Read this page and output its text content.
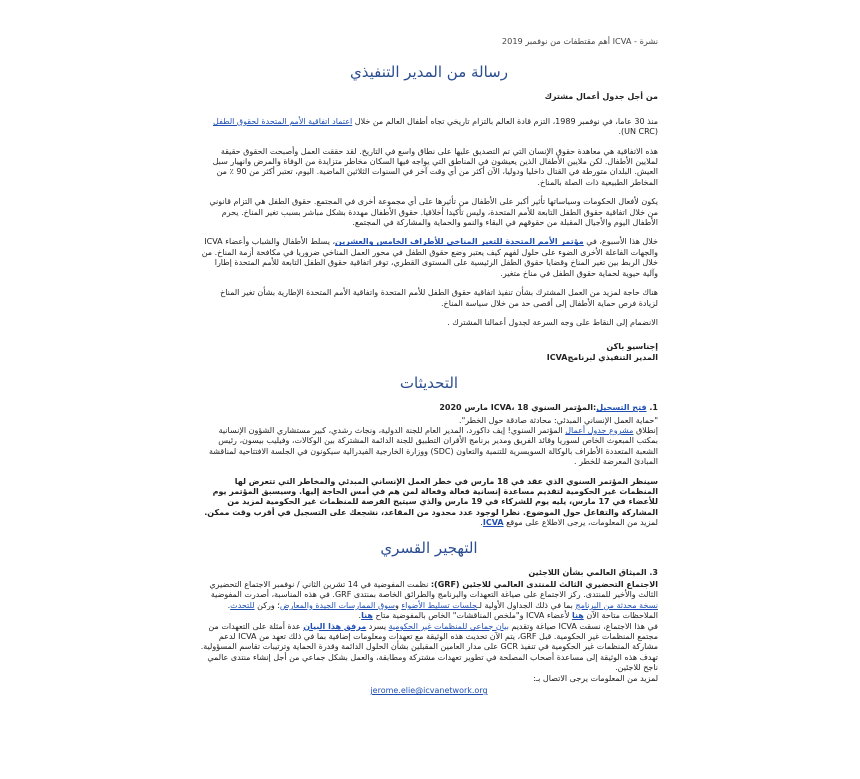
نشرة - ICVA أهم مقتطفات من نوفمبر 2019
رسالة من المدير التنفيذي

من أجل جدول أعمال مشترك

منذ 30 عاما، في نوفمبر 1989، التزم قادة العالم بالتزام تاريخي تجاه أطفال العالم من خلال اعتماد اتفاقية الأمم المتحدة لحقوق الطفل (UN CRC).

هذه الاتفاقية هي معاهدة حقوق الإنسان التي تم التصديق عليها على نطاق واسع في التاريخ. لقد حققت العمل وأصبحت الحقوق حقيقة لملايين الأطفال. لكن ملايين الأطفال الذين يعيشون في المناطق التي يواجه فيها السكان مخاطر متزايدة من الوفاة والمرض وانهيار سبل العيش. البلدان متورطة في القتال داخليا ودوليا، الآن أكثر من أي وقت آخر في السنوات الثلاثين الماضية. اليوم، تعتبر أكثر من 90 ٪ من المخاطر الطبيعية ذات الصلة بالمناخ.

يكون لأفعال الحكومات وسياساتها تأثير أكبر على الأطفال من تأثيرها على أي مجموعة أخرى في المجتمع. حقوق الطفل هي التزام قانوني من خلال اتفاقية حقوق الطفل التابعة للأمم المتحدة، وليس تأكيدا أخلاقيا. حقوق الأطفال مهددة بشكل مباشر بسبب تغير المناخ. يحرم الأطفال اليوم والأجيال المقبلة من حقوقهم في البقاء والنمو والحماية والمشاركة في المجتمع.

خلال هذا الأسبوع، في مؤتمر الأمم المتحدة للتغير المناخي للأطراف الخامس والعشرين، يسلط الأطفال والشباب وأعضاء ICVA والجهات الفاعلة الأخرى الضوء على حلول لفهم كيف يعتبر وضع حقوق الطفل في محور العمل المناخي ضروريا في مكافحة أزمة المناخ. من خلال الربط بين تغير المناخ وقضايا حقوق الطفل الرئيسية على المستوى القطري، توفر اتفاقية حقوق الطفل التابعة للأمم المتحدة إطارا وآلية حيوية لحماية حقوق الطفل في مناخ متغير.

هناك حاجة لمزيد من العمل المشترك بشأن تنفيذ اتفاقية حقوق الطفل للأمم المتحدة واتفاقية الأمم المتحدة الإطارية بشأن تغير المناخ لزيادة فرص حماية الأطفال إلى أقصى حد من خلال سياسة المناخ.

الانضمام إلى النقاط على وجه السرعة لجدول أعمالنا المشترك .

إجناسيو باكن

المدير التنفيذي لبرنامجICVA

التحديثات

1. فتح التسجيل:المؤتمر السنوي ICVA، 18 مارس 2020

"حماية العمل الإنساني المبدئي: محادثة صادقة حول الخطر".

إنطلاق مشروع جدول أعمال المؤتمر السنوي! إيف داكورد، المدير العام للجنة الدولية، ونجاث رشدي، كبير مستشاري الشؤون الإنسانية بمكتب المبعوث الخاص لسوريا وقائد الفريق ومدير برنامج الأقران التطبيق للجنة الدائمة المشتركة بين الوكالات، وفيليب بيسون، رئيس الشعبة المتعددة الأطراف بالوكالة السويسرية للتنمية والتعاون (SDC) ووزارة الخارجية الفيدرالية سيكونون في الجلسة الافتتاحية لمناقشة المبادئ المعرضة للخطر .

سينظر المؤتمر السنوي الذي عقد في 18 مارس في خطر العمل الإنساني المبدئي والمخاطر التي تتعرض لها المنظمات غير الحكومية لتقديم مساعدة إنسانية فعالة وفعالة لمن هم في أمس الحاجة إليها. وسيسبق المؤتمر يوم للأعضاء في 17 مارس، يليه يوم للشركاء في 19 مارس والذي سيتيح الفرصة للمنظمات غير الحكومية لمزيد من المشاركة والتفاعل حول الموضوع. نظرا لوجود عدد محدود من المقاعد، نشجعك على التسجيل في أقرب وقت ممكن. لمزيد من المعلومات، يرجى الاطلاع على موقع ICVA.

التهجير القسري

3. الميثاق العالمي بشأن اللاجئين

الاجتماع التحضيري الثالث للمنتدى العالمي للاجئين (GRF): نظمت المفوضية في 14 تشرين الثاني / نوفمبر الاجتماع التحضيري الثالث والأخير للمنتدى. ركز الاجتماع على صياغة التعهدات والبرنامج والطرائق الخاصة بمنتدى GRF. في هذه المناسبة، أصدرت المفوضية نسخة محدثة من البرنامج بما في ذلك الجداول الأولية لـجلسات تسليط الأضواء وسوق الممارسات الجيدة والمعارض؛ وركن للتحدث. الملاحظات متاحة الآن هنا لأعضاء ICVA و"ملخص المناقشات" الخاص بالمفوضية متاح هنا.

في هذا الاجتماع، نسقت ICVA صياغة وتقديم بيان جماعي للمنظمات غير الحكومية يسرد مرفق هذا البيان عدة أمثلة على التعهدات من مجتمع المنظمات غير الحكومية. قبل GRF، يتم الآن تحديث هذه الوثيقة مع تعهدات ومعلومات إضافية بما في ذلك تعهد من ICVA لدعم مشاركة المنظمات غير الحكومية في تنفيذ GCR على مدار العامين المقبلين بشأن الحلول الدائمة وقدرة الحماية وترتيبات تقاسم المسؤولية. تهدف هذه الوثيقة إلى مساعدة أصحاب المصلحة في تطوير تعهدات مشتركة ومطابقة، والعمل بشكل جماعي من أجل إنشاء منتدى عالمي ناجح للاجئين.

لمزيد من المعلومات يرجى الاتصال بـ:

jerome.elie@icvanetwork.org
